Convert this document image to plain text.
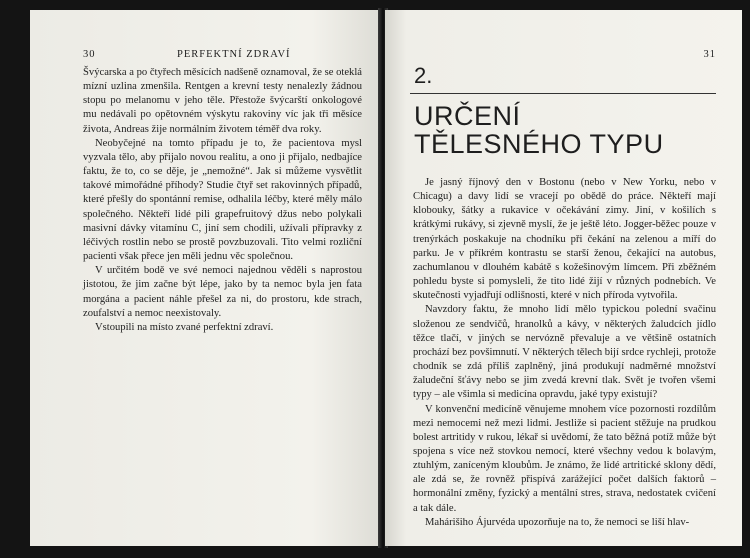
30	PERFEKTNÍ ZDRAVÍ

Švýcarska a po čtyřech měsících nadšeně oznamoval, že se oteklá mízní uzlina zmenšila. Rentgen a krevní testy nenalezly žádnou stopu po melanomu v jeho těle. Přestože švýcarští onkologové mu nedávali po opětovném výskytu rakoviny víc jak tři měsíce života, Andreas žije normálním životem téměř dva roky.

Neobyčejné na tomto případu je to, že pacientova mysl vyzvala tělo, aby přijalo novou realitu, a ono ji přijalo, nedbajíce faktu, že to, co se děje, je „nemožné“. Jak si můžeme vysvětlit takové mimořádné příhody? Studie čtyř set rakovinných případů, které přešly do spontánní remise, odhalila léčby, které měly málo společného. Někteří lidé pili grapefruitový džus nebo polykali masivní dávky vitamínu C, jiní sem chodili, užívali přípravky z léčivých rostlin nebo se prostě povzbuzovali. Tito velmi rozliční pacienti však přece jen měli jednu věc společnou.

V určitém bodě ve své nemoci najednou věděli s naprostou jistotou, že jim začne být lépe, jako by ta nemoc byla jen fata morgána a pacient náhle přešel za ni, do prostoru, kde strach, zoufalství a nemoc neexistovaly.

Vstoupili na místo zvané perfektní zdraví.

31
2.
URČENÍ
TĚLESNÉHO TYPU

Je jasný říjnový den v Bostonu (nebo v New Yorku, nebo v Chicagu) a davy lidí se vracejí po obědě do práce. Někteří mají klobouky, šátky a rukavice v očekávání zimy. Jiní, v košilích s krátkými rukávy, si zjevně myslí, že je ještě léto. Jogger-běžec pouze v trenýrkách poskakuje na chodníku při čekání na zelenou a míří do parku. Je v příkrém kontrastu se starší ženou, čekající na autobus, zachumlanou v dlouhém kabátě s kožešinovým límcem. Při zběžném pohledu byste si pomysleli, že tito lidé žijí v různých podnebích. Ve skutečnosti vyjadřují odlišnosti, které v nich příroda vytvořila.

Navzdory faktu, že mnoho lidí mělo typickou polední svačinu složenou ze sendvičů, hranolků a kávy, v některých žaludcích jídlo těžce tlačí, v jiných se nervózně převaluje a ve většině ostatních prochází bez povšimnutí. V některých tělech bijí srdce rychleji, protože chodník se zdá příliš zaplněný, jiná produkují nadměrné množství žaludeční šťávy nebo se jim zvedá krevní tlak. Svět je tvořen všemi typy – ale všimla si medicína opravdu, jaké typy existují?

V konvenční medicíně věnujeme mnohem více pozornosti rozdílům mezi nemocemi než mezi lidmi. Jestliže si pacient stěžuje na prudkou bolest artritidy v rukou, lékař si uvědomí, že tato běžná potíž může být spojena s více než stovkou nemocí, které všechny vedou k bolavým, ztuhlým, zaníceným kloubům. Je známo, že lidé artritické sklony dědí, ale zdá se, že rovněž přispívá zarážející počet dalších faktorů – hormonální změny, fyzický a mentální stres, strava, nedostatek cvičení a tak dále.

Mahárišiho Ájurvéda upozorňuje na to, že nemoci se liší hlav-
